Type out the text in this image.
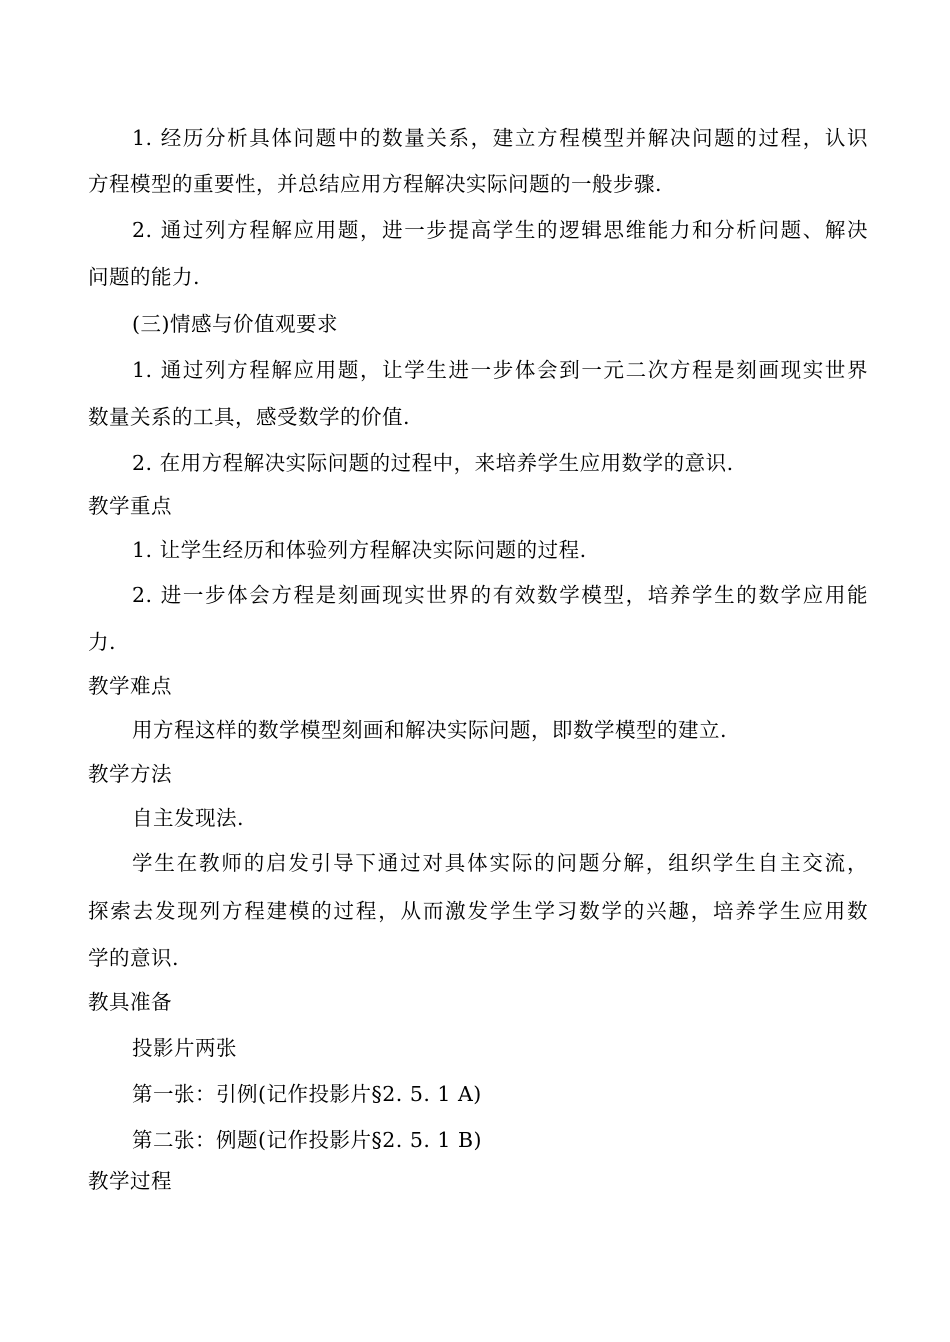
1. 经历分析具体问题中的数量关系，建立方程模型并解决问题的过程，认识

方程模型的重要性，并总结应用方程解决实际问题的一般步骤.

2. 通过列方程解应用题，进一步提高学生的逻辑思维能力和分析问题、解决

问题的能力.

(三)情感与价值观要求

1. 通过列方程解应用题，让学生进一步体会到一元二次方程是刻画现实世界

数量关系的工具，感受数学的价值.

2. 在用方程解决实际问题的过程中，来培养学生应用数学的意识.

教学重点

1. 让学生经历和体验列方程解决实际问题的过程.

2. 进一步体会方程是刻画现实世界的有效数学模型，培养学生的数学应用能

力.

教学难点

用方程这样的数学模型刻画和解决实际问题，即数学模型的建立.

教学方法

自主发现法.

学生在教师的启发引导下通过对具体实际的问题分解，组织学生自主交流，

探索去发现列方程建模的过程，从而激发学生学习数学的兴趣，培养学生应用数

学的意识.

教具准备

投影片两张

第一张：引例(记作投影片§2. 5. 1 A)

第二张：例题(记作投影片§2. 5. 1 B)

教学过程
